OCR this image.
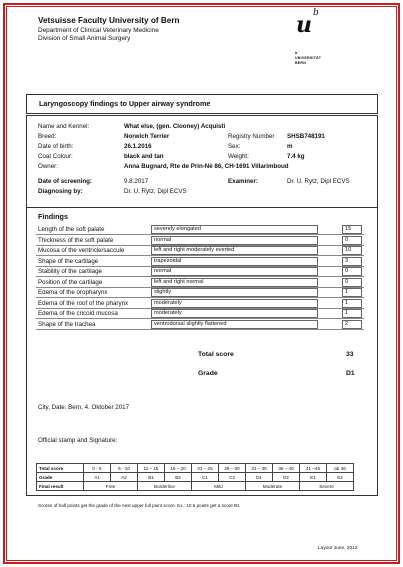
Vetsuisse Faculty University of Bern
Department of Clinical Veterinary Medicine
Division of Small Animal Surgery
u b
b
UNIVERSITÄT
BERN
Laryngoscopy findings to Upper airway syndrome
Name and Kennel:	What else, (gen. Clooney) Acquisti
Breed:	Norwich Terrier	Registry Number SHSB748191
Date of birth:	26.1.2016	Sex:	m
Coat Colour:	black and tan	Weight:	7.4 kg
Owner:	Anna Bugnard, Rte de Prin-Nè 86, CH-1691 Villarimboud
Date of screening:	9.8.2017	Examiner:	Dr. U. Rytz, Dipl ECVS
Diagnosing by:	Dr. U. Rytz, Dipl ECVS
Findings
Length of the soft palate	severely elongated	15
Thickness of the soft palate	normal	0
Mucosa of the ventricle/saccule	left and right moderately everted	10
Shape of the cartilage	trapezoidal	3
Stability of the cartilage	normal	0
Position of the cartilage	left and right normal	0
Edema of the oropharynx	slightly	1
Edema of the roof of the pharynx	moderately	1
Edema of the cricoid mucosa	moderately	1
Shape of the trachea	ventrodorsal slightly flattened	2
Total score	33
Grade	D1
City, Date: Bern, 4. Oktober 2017
Official stamp and Signature:
Total score	0 - 5	6 - 10	11 – 15	16 – 20	21 – 25	26 – 30	31 – 35	36 – 40	41 –45	ab 46
Grade	A1	A2	B1	B2	C1	C2	D1	D2	E1	E2
Final result	Free		Borderline		Mild		Moderate		Severe	
Scores of half points get the grade of the next upper full point score. Ex.: 10.5 points get a score B1
Layout June, 2012
